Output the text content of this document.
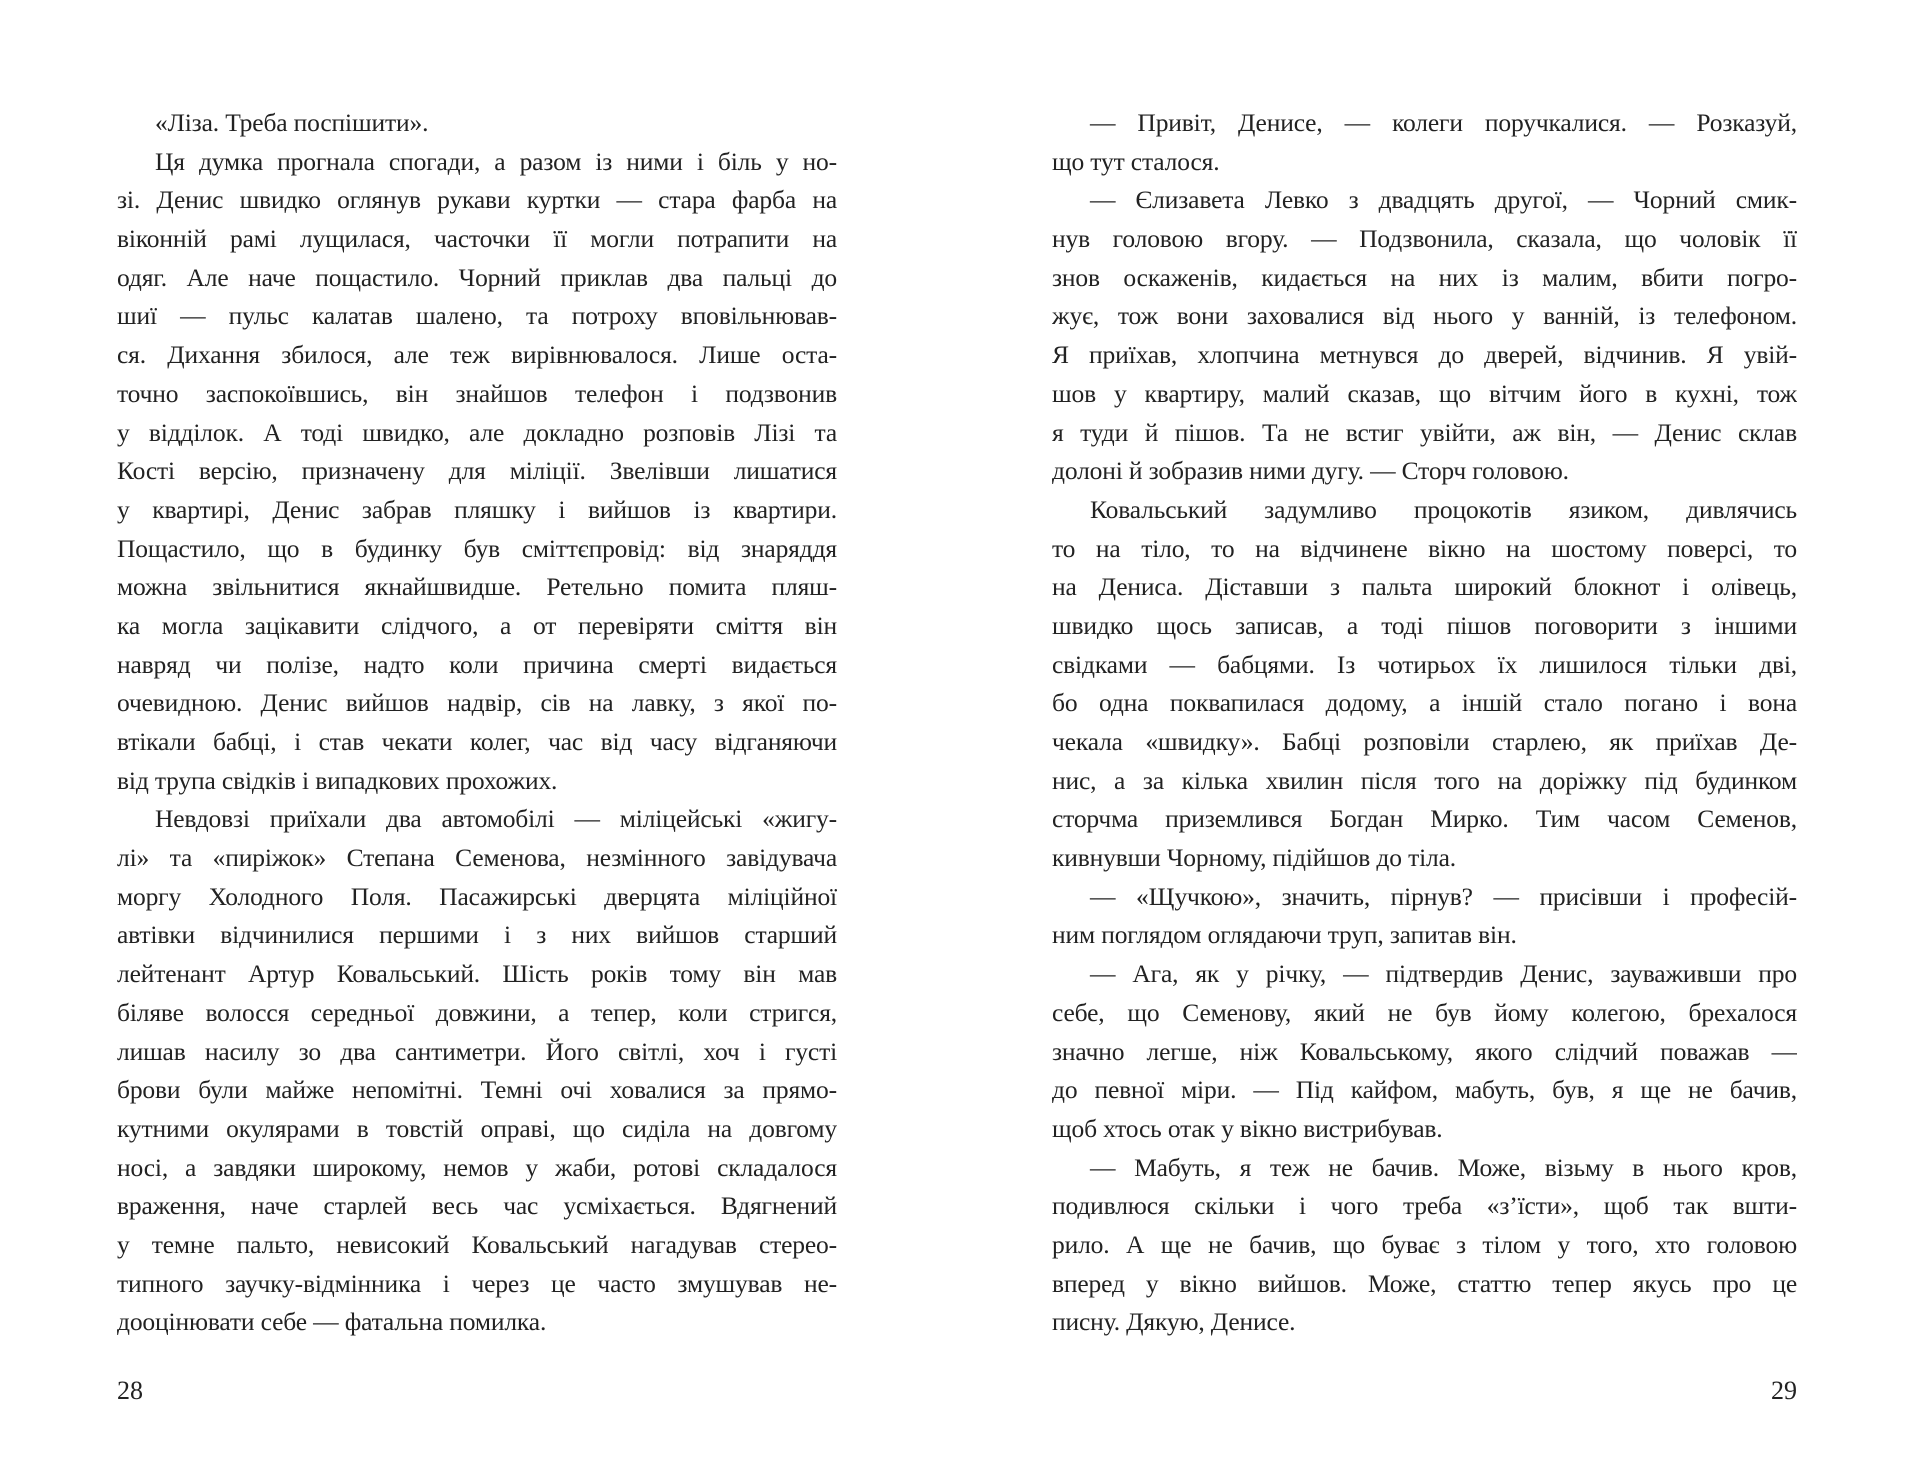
«Ліза. Треба поспішити».
Ця думка прогнала спогади, а разом із ними і біль у но-
зі. Денис швидко оглянув рукави куртки — стара фарба на
віконній рамі лущилася, часточки її могли потрапити на
одяг. Але наче пощастило. Чорний приклав два пальці до
шиї — пульс калатав шалено, та потроху вповільнював-
ся. Дихання збилося, але теж вирівнювалося. Лише оста-
точно заспокоївшись, він знайшов телефон і подзвонив
у відділок. А тоді швидко, але докладно розповів Лізі та
Кості версію, призначену для міліції. Звелівши лишатися
у квартирі, Денис забрав пляшку і вийшов із квартири.
Пощастило, що в будинку був сміттєпровід: від знаряддя
можна звільнитися якнайшвидше. Ретельно помита пляш-
ка могла зацікавити слідчого, а от перевіряти сміття він
навряд чи полізе, надто коли причина смерті видається
очевидною. Денис вийшов надвір, сів на лавку, з якої по-
втікали бабці, і став чекати колег, час від часу відганяючи
від трупа свідків і випадкових прохожих.
Невдовзі приїхали два автомобілі — міліцейські «жигу-
лі» та «пиріжок» Степана Семенова, незмінного завідувача
моргу Холодного Поля. Пасажирські дверцята міліційної
автівки відчинилися першими і з них вийшов старший
лейтенант Артур Ковальський. Шість років тому він мав
біляве волосся середньої довжини, а тепер, коли стригся,
лишав насилу зо два сантиметри. Його світлі, хоч і густі
брови були майже непомітні. Темні очі ховалися за прямо-
кутними окулярами в товстій оправі, що сиділа на довгому
носі, а завдяки широкому, немов у жаби, ротові складалося
враження, наче старлей весь час усміхається. Вдягнений
у темне пальто, невисокий Ковальський нагадував стерео-
типного заучку-відмінника і через це часто змушував не-
дооцінювати себе — фатальна помилка.
— Привіт, Денисе, — колеги поручкалися. — Розказуй,
що тут сталося.
— Єлизавета Левко з двадцять другої, — Чорний смик-
нув головою вгору. — Подзвонила, сказала, що чоловік її
знов оскаженів, кидається на них із малим, вбити погро-
жує, тож вони заховалися від нього у ванній, із телефоном.
Я приїхав, хлопчина метнувся до дверей, відчинив. Я увій-
шов у квартиру, малий сказав, що вітчим його в кухні, тож
я туди й пішов. Та не встиг увійти, аж він, — Денис склав
долоні й зобразив ними дугу. — Сторч головою.
Ковальський задумливо процокотів язиком, дивлячись
то на тіло, то на відчинене вікно на шостому поверсі, то
на Дениса. Діставши з пальта широкий блокнот і олівець,
швидко щось записав, а тоді пішов поговорити з іншими
свідками — бабцями. Із чотирьох їх лишилося тільки дві,
бо одна поквапилася додому, а іншій стало погано і вона
чекала «швидку». Бабці розповіли старлею, як приїхав Де-
нис, а за кілька хвилин після того на доріжку під будинком
сторчма приземлився Богдан Мирко. Тим часом Семенов,
кивнувши Чорному, підійшов до тіла.
— «Щучкою», значить, пірнув? — присівши і професій-
ним поглядом оглядаючи труп, запитав він.
— Ага, як у річку, — підтвердив Денис, зауваживши про
себе, що Семенову, який не був йому колегою, брехалося
значно легше, ніж Ковальському, якого слідчий поважав —
до певної міри. — Під кайфом, мабуть, був, я ще не бачив,
щоб хтось отак у вікно вистрибував.
— Мабуть, я теж не бачив. Може, візьму в нього кров,
подивлюся скільки і чого треба «з’їсти», щоб так вшти-
рило. А ще не бачив, що буває з тілом у того, хто головою
вперед у вікно вийшов. Може, статтю тепер якусь про це
писну. Дякую, Денисе.
28	29
